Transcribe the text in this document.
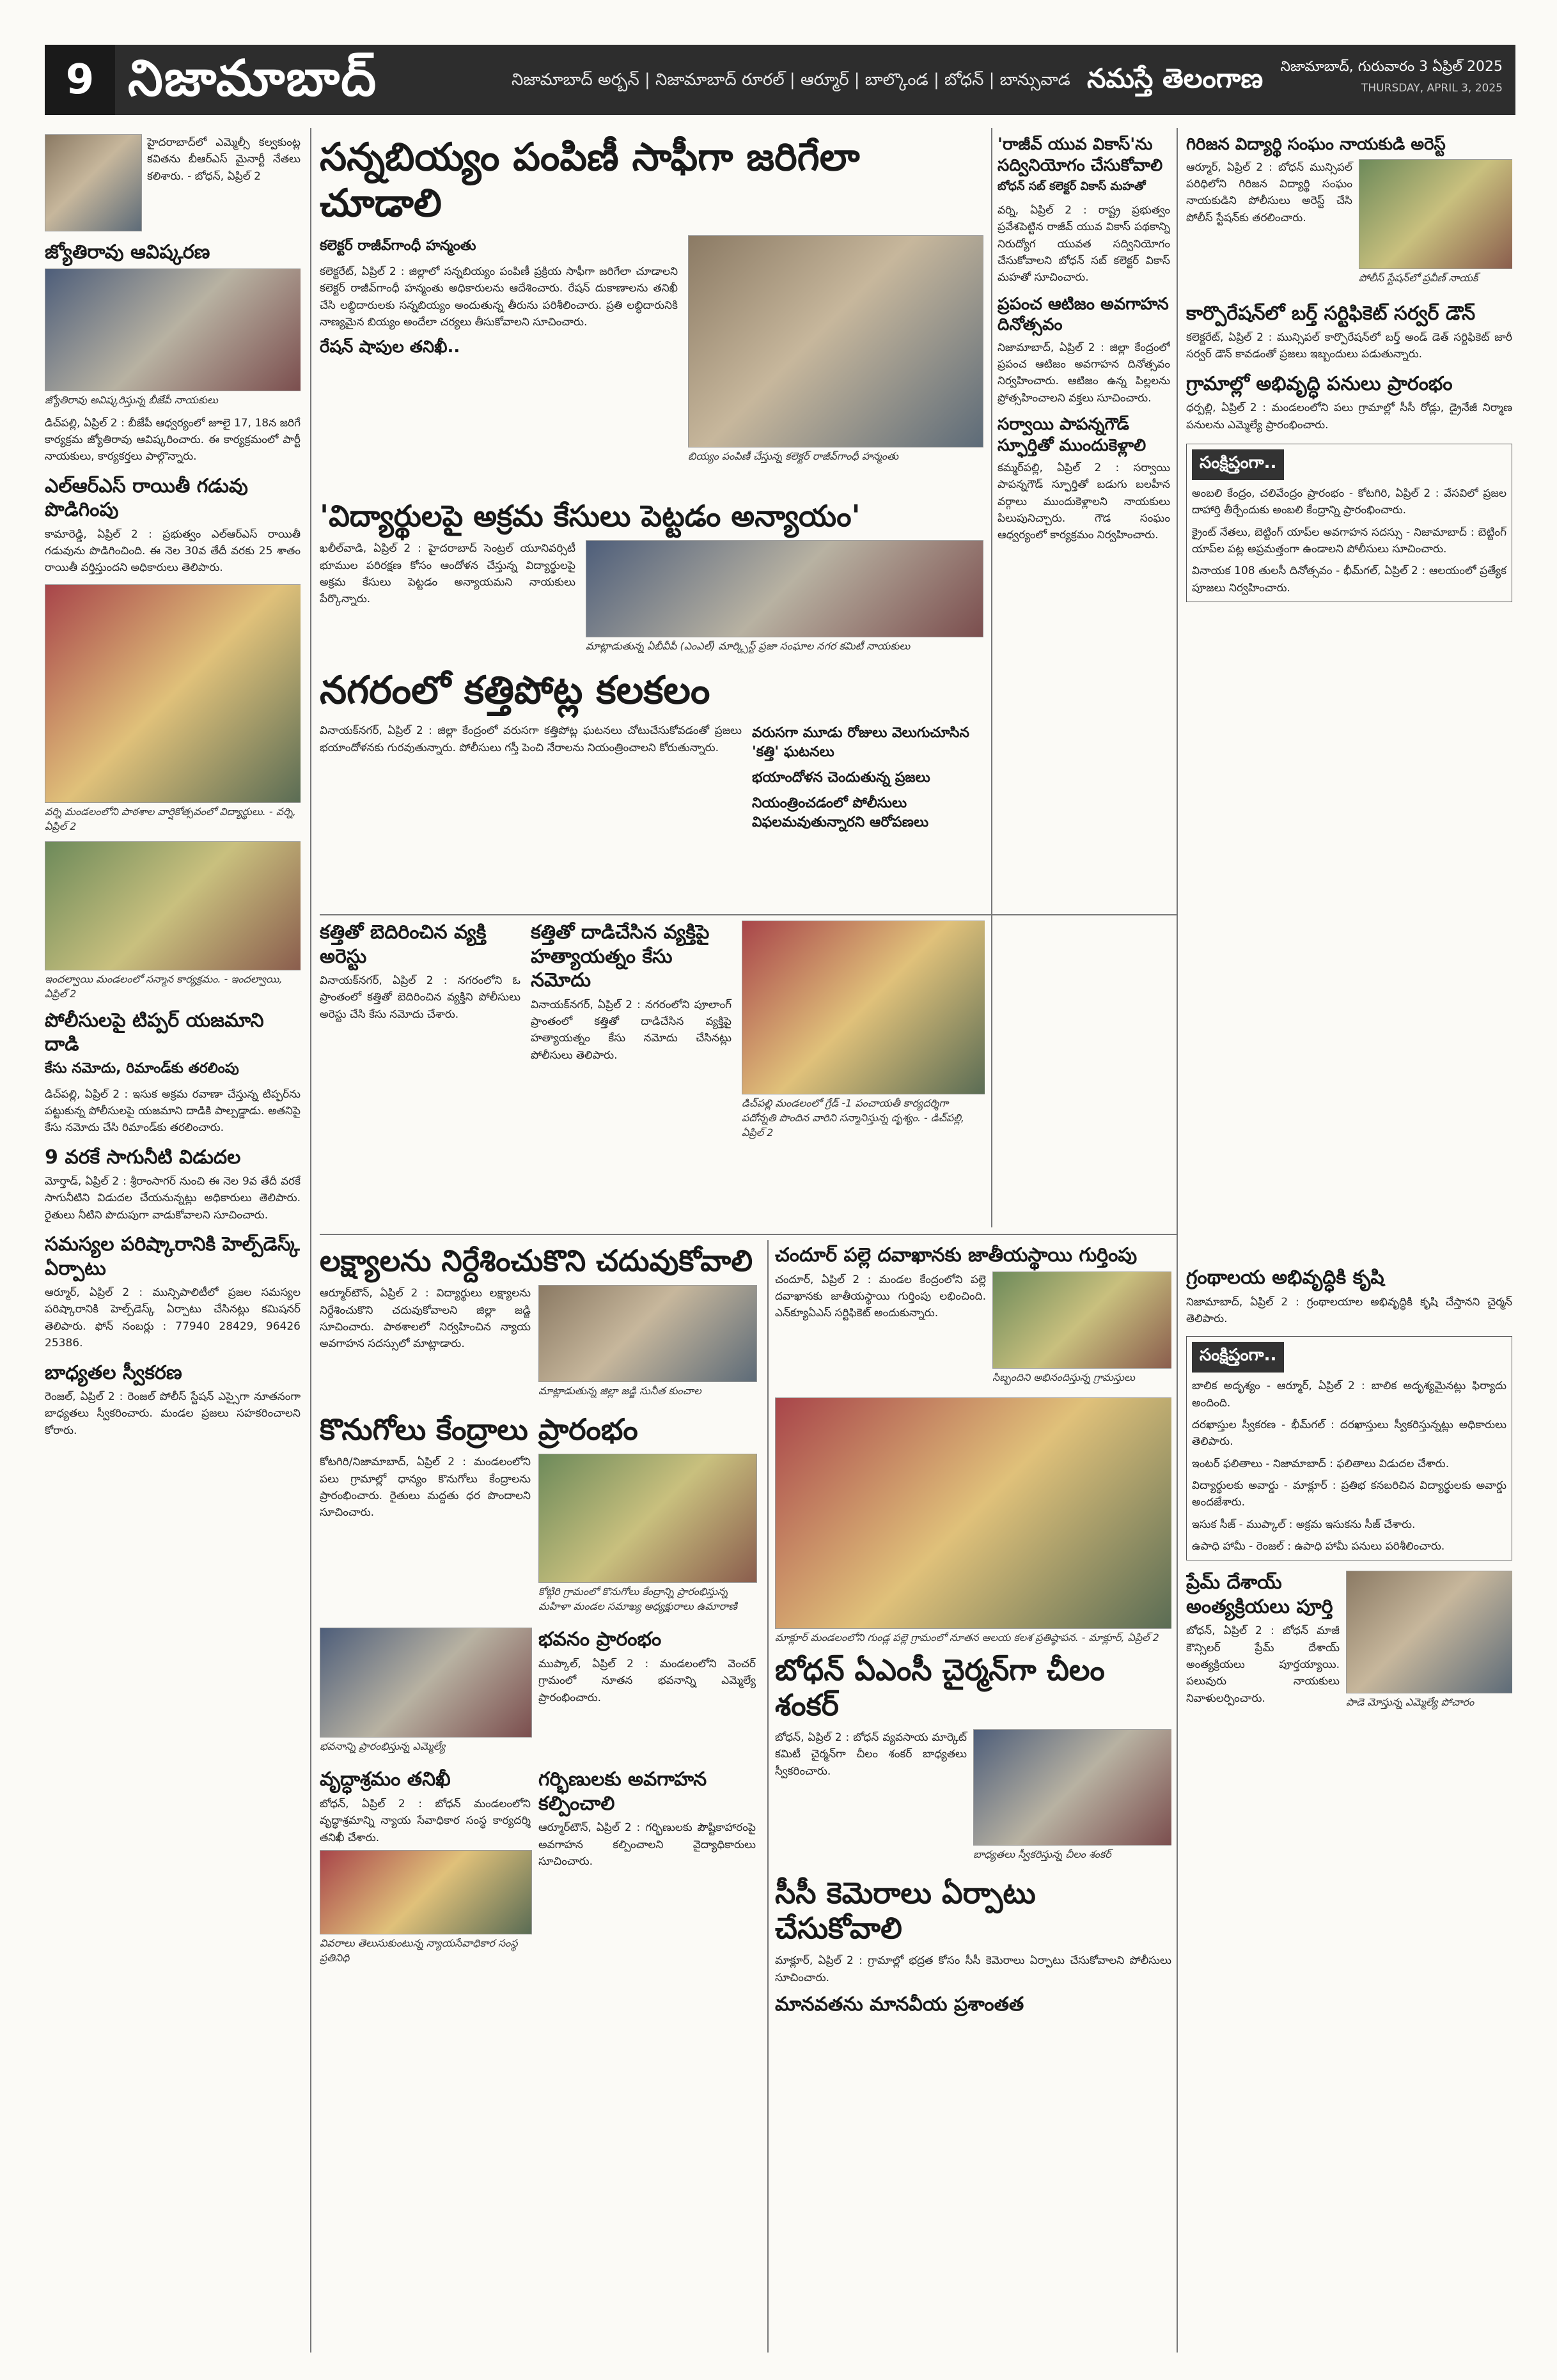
9 నిజామాబాద్	నిజామాబాద్ అర్బన్ | నిజామాబాద్ రూరల్ | ఆర్మూర్ | బాల్కొండ | బోధన్ | బాన్సువాడ నమస్తే తెలంగాణ నిజామాబాద్, గురువారం 3 ఏప్రిల్ 2025
THURSDAY, APRIL 3, 2025
హైదరాబాద్‌లో ఎమ్మెల్సీ కల్వకుంట్ల కవితను బీఆర్ఎస్ మైనార్టీ నేతలు కలిశారు. - బోధన్, ఏప్రిల్ 2
జ్యోతిరావు ఆవిష్కరణ
జ్యోతిరావు అవిష్కరిస్తున్న బీజేపీ నాయకులు
డిచ్‌పల్లి, ఏప్రిల్ 2 : బీజేపీ ఆధ్వర్యంలో జూలై 17, 18న జరిగే కార్యక్రమ జ్యోతిరావు ఆవిష్కరించారు. ఈ కార్యక్రమంలో పార్టీ నాయకులు, కార్యకర్తలు పాల్గొన్నారు.
ఎల్‌ఆర్‌ఎస్ రాయితీ గడువు పొడిగింపు
కామారెడ్డి, ఏప్రిల్ 2 : ప్రభుత్వం ఎల్‌ఆర్‌ఎస్ రాయితీ గడువును పొడిగించింది. ఈ నెల 30వ తేదీ వరకు 25 శాతం రాయితీ వర్తిస్తుందని అధికారులు తెలిపారు.
వర్ని మండలంలోని పాఠశాల వార్షికోత్సవంలో విద్యార్థులు. - వర్ని, ఏప్రిల్ 2
ఇందల్వాయి మండలంలో సన్మాన కార్యక్రమం. - ఇందల్వాయి, ఏప్రిల్ 2
పోలీసులపై టిప్పర్ యజమాని దాడి
కేసు నమోదు, రిమాండ్‌కు తరలింపు
డిచ్‌పల్లి, ఏప్రిల్ 2 : ఇసుక అక్రమ రవాణా చేస్తున్న టిప్పర్‌ను పట్టుకున్న పోలీసులపై యజమాని దాడికి పాల్పడ్డాడు. అతనిపై కేసు నమోదు చేసి రిమాండ్‌కు తరలించారు.
9 వరకే సాగునీటి విడుదల
మోర్తాడ్, ఏప్రిల్ 2 : శ్రీరాంసాగర్ నుంచి ఈ నెల 9వ తేదీ వరకే సాగునీటిని విడుదల చేయనున్నట్లు అధికారులు తెలిపారు. రైతులు నీటిని పొదుపుగా వాడుకోవాలని సూచించారు.
సమస్యల పరిష్కారానికి హెల్ప్‌డెస్క్ ఏర్పాటు
ఆర్మూర్, ఏప్రిల్ 2 : మున్సిపాలిటీలో ప్రజల సమస్యల పరిష్కారానికి హెల్ప్‌డెస్క్ ఏర్పాటు చేసినట్లు కమిషనర్ తెలిపారు. ఫోన్ నంబర్లు : 77940 28429, 96426 25386.
బాధ్యతల స్వీకరణ
రెంజల్, ఏప్రిల్ 2 : రెంజల్ పోలీస్ స్టేషన్ ఎస్సైగా నూతనంగా బాధ్యతలు స్వీకరించారు. మండల ప్రజలు సహకరించాలని కోరారు.
సన్నబియ్యం పంపిణీ సాఫీగా జరిగేలా చూడాలి
కలెక్టర్ రాజీవ్‌గాంధీ హన్మంతు
కలెక్టరేట్, ఏప్రిల్ 2 : జిల్లాలో సన్నబియ్యం పంపిణీ ప్రక్రియ సాఫీగా జరిగేలా చూడాలని కలెక్టర్ రాజీవ్‌గాంధీ హన్మంతు అధికారులను ఆదేశించారు. రేషన్ దుకాణాలను తనిఖీ చేసి లబ్ధిదారులకు సన్నబియ్యం అందుతున్న తీరును పరిశీలించారు. ప్రతి లబ్ధిదారునికి నాణ్యమైన బియ్యం అందేలా చర్యలు తీసుకోవాలని సూచించారు.
రేషన్ షాపుల తనిఖీ..
బియ్యం పంపిణీ చేస్తున్న కలెక్టర్ రాజీవ్‌గాంధీ హన్మంతు
'విద్యార్థులపై అక్రమ కేసులు పెట్టడం అన్యాయం'
ఖలీల్‌వాడి, ఏప్రిల్ 2 : హైదరాబాద్ సెంట్రల్ యూనివర్సిటీ భూముల పరిరక్షణ కోసం ఆందోళన చేస్తున్న విద్యార్థులపై అక్రమ కేసులు పెట్టడం అన్యాయమని నాయకులు పేర్కొన్నారు.
మాట్లాడుతున్న ఏబీవీపీ (ఎంఎల్) మార్క్సిస్ట్ ప్రజా సంఘాల నగర కమిటీ నాయకులు
నగరంలో కత్తిపోట్ల కలకలం
వినాయక్‌నగర్, ఏప్రిల్ 2 : జిల్లా కేంద్రంలో వరుసగా కత్తిపోట్ల ఘటనలు చోటుచేసుకోవడంతో ప్రజలు భయాందోళనకు గురవుతున్నారు. పోలీసులు గస్తీ పెంచి నేరాలను నియంత్రించాలని కోరుతున్నారు.
వరుసగా మూడు రోజులు వెలుగుచూసిన 'కత్తి' ఘటనలు
భయాందోళన చెందుతున్న ప్రజలు
నియంత్రించడంలో పోలీసులు విఫలమవుతున్నారని ఆరోపణలు
కత్తితో బెదిరించిన వ్యక్తి అరెస్టు
వినాయక్‌నగర్, ఏప్రిల్ 2 : నగరంలోని ఓ ప్రాంతంలో కత్తితో బెదిరించిన వ్యక్తిని పోలీసులు అరెస్టు చేసి కేసు నమోదు చేశారు.
కత్తితో దాడిచేసిన వ్యక్తిపై హత్యాయత్నం కేసు నమోదు
వినాయక్‌నగర్, ఏప్రిల్ 2 : నగరంలోని పూలాంగ్ ప్రాంతంలో కత్తితో దాడిచేసిన వ్యక్తిపై హత్యాయత్నం కేసు నమోదు చేసినట్లు పోలీసులు తెలిపారు.
డిచ్‌పల్లి మండలంలో గ్రేడ్ -1 పంచాయతీ కార్యదర్శిగా పదోన్నతి పొందిన వారిని సన్మానిస్తున్న దృశ్యం. - డిచ్‌పల్లి, ఏప్రిల్ 2
'రాజీవ్ యువ వికాస్'ను సద్వినియోగం చేసుకోవాలి
బోధన్ సబ్ కలెక్టర్ వికాస్ మహతో
వర్ని, ఏప్రిల్ 2 : రాష్ట్ర ప్రభుత్వం ప్రవేశపెట్టిన రాజీవ్ యువ వికాస్ పథకాన్ని నిరుద్యోగ యువత సద్వినియోగం చేసుకోవాలని బోధన్ సబ్ కలెక్టర్ వికాస్ మహతో సూచించారు.
ప్రపంచ ఆటిజం అవగాహన దినోత్సవం
నిజామాబాద్, ఏప్రిల్ 2 : జిల్లా కేంద్రంలో ప్రపంచ ఆటిజం అవగాహన దినోత్సవం నిర్వహించారు. ఆటిజం ఉన్న పిల్లలను ప్రోత్సహించాలని వక్తలు సూచించారు.
సర్వాయి పాపన్నగౌడ్ స్ఫూర్తితో ముందుకెళ్లాలి
కమ్మర్‌పల్లి, ఏప్రిల్ 2 : సర్వాయి పాపన్నగౌడ్ స్ఫూర్తితో బడుగు బలహీన వర్గాలు ముందుకెళ్లాలని నాయకులు పిలుపునిచ్చారు. గౌడ సంఘం ఆధ్వర్యంలో కార్యక్రమం నిర్వహించారు.
గిరిజన విద్యార్థి సంఘం నాయకుడి అరెస్ట్
ఆర్మూర్, ఏప్రిల్ 2 : బోధన్ మున్సిపల్ పరిధిలోని గిరిజన విద్యార్థి సంఘం నాయకుడిని పోలీసులు అరెస్ట్ చేసి పోలీస్ స్టేషన్‌కు తరలించారు.
పోలీస్ స్టేషన్‌లో ప్రవీణ్ నాయక్
కార్పొరేషన్‌లో బర్త్ సర్టిఫికెట్ సర్వర్ డౌన్
కలెక్టరేట్, ఏప్రిల్ 2 : మున్సిపల్ కార్పొరేషన్‌లో బర్త్ అండ్ డెత్ సర్టిఫికెట్ జారీ సర్వర్ డౌన్ కావడంతో ప్రజలు ఇబ్బందులు పడుతున్నారు.
గ్రామాల్లో అభివృద్ధి పనులు ప్రారంభం
ధర్పల్లి, ఏప్రిల్ 2 : మండలంలోని పలు గ్రామాల్లో సీసీ రోడ్లు, డ్రైనేజీ నిర్మాణ పనులను ఎమ్మెల్యే ప్రారంభించారు.
సంక్షిప్తంగా..
అంబలి కేంద్రం, చలివేంద్రం ప్రారంభం - కోటగిరి, ఏప్రిల్ 2 : వేసవిలో ప్రజల దాహార్తి తీర్చేందుకు అంబలి కేంద్రాన్ని ప్రారంభించారు.
క్రైంట్ నేతలు, బెట్టింగ్ యాప్‌ల అవగాహన సదస్సు - నిజామాబాద్ : బెట్టింగ్ యాప్‌ల పట్ల అప్రమత్తంగా ఉండాలని పోలీసులు సూచించారు.
వినాయక 108 తులసీ దినోత్సవం - భీమ్‌గల్, ఏప్రిల్ 2 : ఆలయంలో ప్రత్యేక పూజలు నిర్వహించారు.
లక్ష్యాలను నిర్దేశించుకొని చదువుకోవాలి
ఆర్మూర్‌టౌన్, ఏప్రిల్ 2 : విద్యార్థులు లక్ష్యాలను నిర్దేశించుకొని చదువుకోవాలని జిల్లా జడ్జి సూచించారు. పాఠశాలలో నిర్వహించిన న్యాయ అవగాహన సదస్సులో మాట్లాడారు.
మాట్లాడుతున్న జిల్లా జడ్జి సునీత కుంచాల
కొనుగోలు కేంద్రాలు ప్రారంభం
కోటగిరి/నిజామాబాద్, ఏప్రిల్ 2 : మండలంలోని పలు గ్రామాల్లో ధాన్యం కొనుగోలు కేంద్రాలను ప్రారంభించారు. రైతులు మద్దతు ధర పొందాలని సూచించారు.
కోట్గిరి గ్రామంలో కొనుగోలు కేంద్రాన్ని ప్రారంభిస్తున్న మహిళా మండల సమాఖ్య అధ్యక్షురాలు ఉమారాణి
భవనాన్ని ప్రారంభిస్తున్న ఎమ్మెల్యే
భవనం ప్రారంభం
ముప్కాల్, ఏప్రిల్ 2 : మండలంలోని వెంచర్ గ్రామంలో నూతన భవనాన్ని ఎమ్మెల్యే ప్రారంభించారు.
వృద్ధాశ్రమం తనిఖీ
బోధన్, ఏప్రిల్ 2 : బోధన్ మండలంలోని వృద్ధాశ్రమాన్ని న్యాయ సేవాధికార సంస్థ కార్యదర్శి తనిఖీ చేశారు.
వివరాలు తెలుసుకుంటున్న న్యాయసేవాధికార సంస్థ ప్రతినిధి
గర్భిణులకు అవగాహన కల్పించాలి
ఆర్మూర్‌టౌన్, ఏప్రిల్ 2 : గర్భిణులకు పౌష్టికాహారంపై అవగాహన కల్పించాలని వైద్యాధికారులు సూచించారు.
చందూర్ పల్లె దవాఖానకు జాతీయస్థాయి గుర్తింపు
చందూర్, ఏప్రిల్ 2 : మండల కేంద్రంలోని పల్లె దవాఖానకు జాతీయస్థాయి గుర్తింపు లభించింది. ఎన్‌క్యూఏఎస్ సర్టిఫికెట్ అందుకున్నారు.
సిబ్బందిని అభినందిస్తున్న గ్రామస్తులు
మాక్లూర్ మండలంలోని గుండ్ల పల్లె గ్రామంలో నూతన ఆలయ కలశ ప్రతిష్ఠాపన. - మాక్లూర్, ఏప్రిల్ 2
బోధన్ ఏఎంసీ చైర్మన్‌గా చీలం శంకర్
బోధన్, ఏప్రిల్ 2 : బోధన్ వ్యవసాయ మార్కెట్ కమిటీ చైర్మన్‌గా చీలం శంకర్ బాధ్యతలు స్వీకరించారు.
బాధ్యతలు స్వీకరిస్తున్న చీలం శంకర్
సీసీ కెమెరాలు ఏర్పాటు చేసుకోవాలి
మాక్లూర్, ఏప్రిల్ 2 : గ్రామాల్లో భద్రత కోసం సీసీ కెమెరాలు ఏర్పాటు చేసుకోవాలని పోలీసులు సూచించారు.
మానవతను మానవీయ ప్రశాంతత
గ్రంథాలయ అభివృద్ధికి కృషి
నిజామాబాద్, ఏప్రిల్ 2 : గ్రంథాలయాల అభివృద్ధికి కృషి చేస్తానని చైర్మన్ తెలిపారు.
సంక్షిప్తంగా..
బాలిక అదృశ్యం - ఆర్మూర్, ఏప్రిల్ 2 : బాలిక అదృశ్యమైనట్లు ఫిర్యాదు అందింది.
దరఖాస్తుల స్వీకరణ - భీమ్‌గల్ : దరఖాస్తులు స్వీకరిస్తున్నట్లు అధికారులు తెలిపారు.
ఇంటర్ ఫలితాలు - నిజామాబాద్ : ఫలితాలు విడుదల చేశారు.
విద్యార్థులకు అవార్డు - మాక్లూర్ : ప్రతిభ కనబరిచిన విద్యార్థులకు అవార్డు అందజేశారు.
ఇసుక సీజ్ - ముప్కాల్ : అక్రమ ఇసుకను సీజ్ చేశారు.
ఉపాధి హామీ - రెంజల్ : ఉపాధి హామీ పనులు పరిశీలించారు.
ప్రేమ్ దేశాయ్ అంత్యక్రియలు పూర్తి
బోధన్, ఏప్రిల్ 2 : బోధన్ మాజీ కౌన్సిలర్ ప్రేమ్ దేశాయ్ అంత్యక్రియలు పూర్తయ్యాయి. పలువురు నాయకులు నివాళులర్పించారు.	పాడె మోస్తున్న ఎమ్మెల్యే పోచారం
